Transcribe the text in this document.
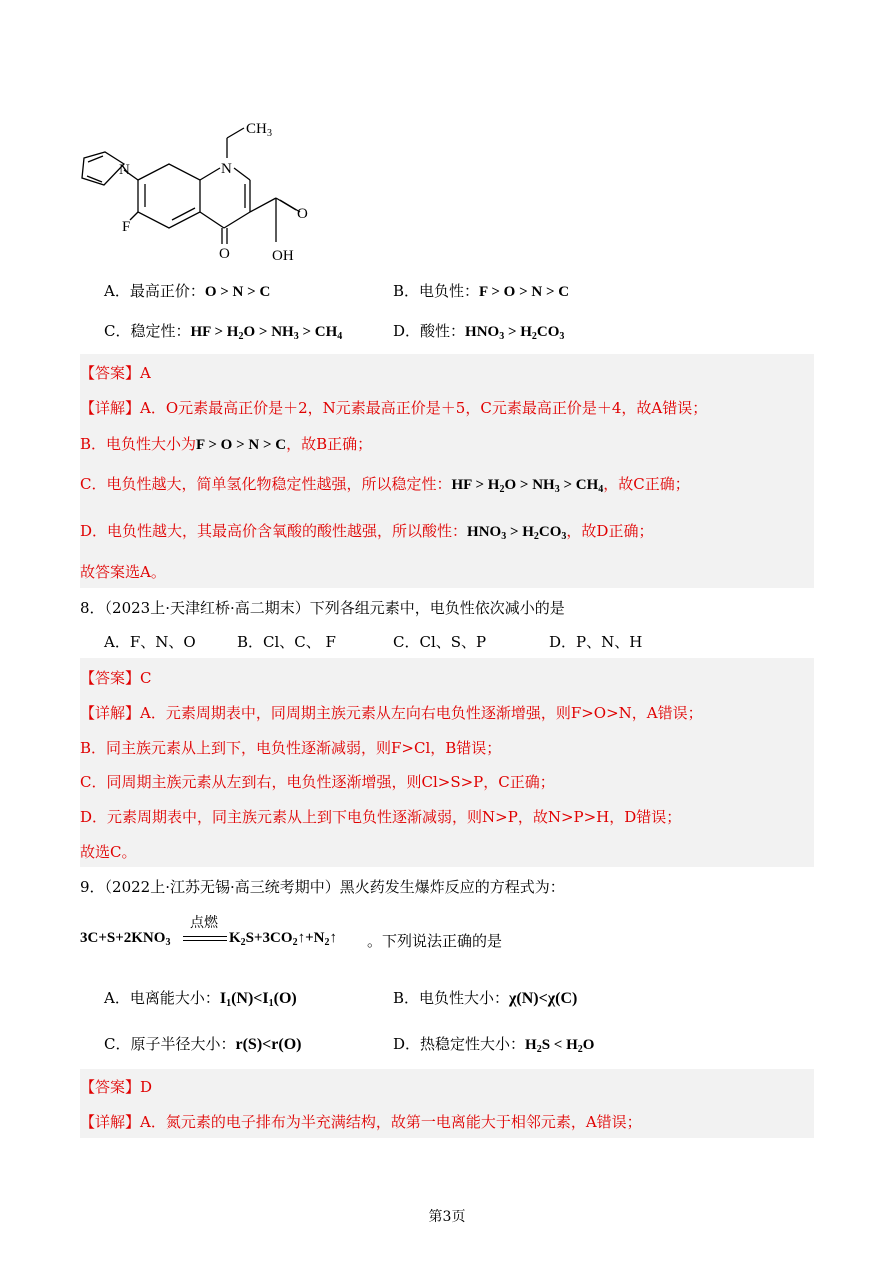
N	N
CH 3
F
O
O
OH
A．最高正价：O > N > C	B．电负性：F > O > N > C
C．稳定性：HF > $H_2O > NH_3 > CH_4$	D．酸性：$HNO_3 > H_2CO_3$
【答案】A
【详解】A．O元素最高正价是＋2，N元素最高正价是＋5，C元素最高正价是＋4，故A错误；
B．电负性大小为F > O > N > C，故B正确；
C．电负性越大，简单氢化物稳定性越强，所以稳定性：HF > $H_2O > NH_3 > CH_4$，故C正确；
D．电负性越大，其最高价含氧酸的酸性越强，所以酸性：$HNO_3 > H_2CO_3$，故D正确；
故答案选A。
8．（2023上·天津红桥·高二期末）下列各组元素中，电负性依次减小的是
A．F、N、O	B．Cl、C、 F	C．Cl、S、P	D．P、N、H
【答案】C
【详解】A．元素周期表中，同周期主族元素从左向右电负性逐渐增强，则F>O>N，A错误；
B．同主族元素从上到下，电负性逐渐减弱，则F>Cl，B错误；
C．同周期主族元素从左到右，电负性逐渐增强，则Cl>S>P，C正确；
D．元素周期表中，同主族元素从上到下电负性逐渐减弱，则N>P，故N>P>H，D错误；
故选C。
9．（2022上·江苏无锡·高三统考期中）黑火药发生爆炸反应的方程式为：
$3C+S+2KNO_3$
点燃
$K_2S+3CO_2↑+N_2↑$ 。下列说法正确的是
A．电离能大小：$I_1(N)<I_1(O)$	B．电负性大小：χ(N)<χ(C)
C．原子半径大小：r(S)<r(O)	D．热稳定性大小：$H_2S < H_2O$
【答案】D
【详解】A．氮元素的电子排布为半充满结构，故第一电离能大于相邻元素，A错误；
第3页
